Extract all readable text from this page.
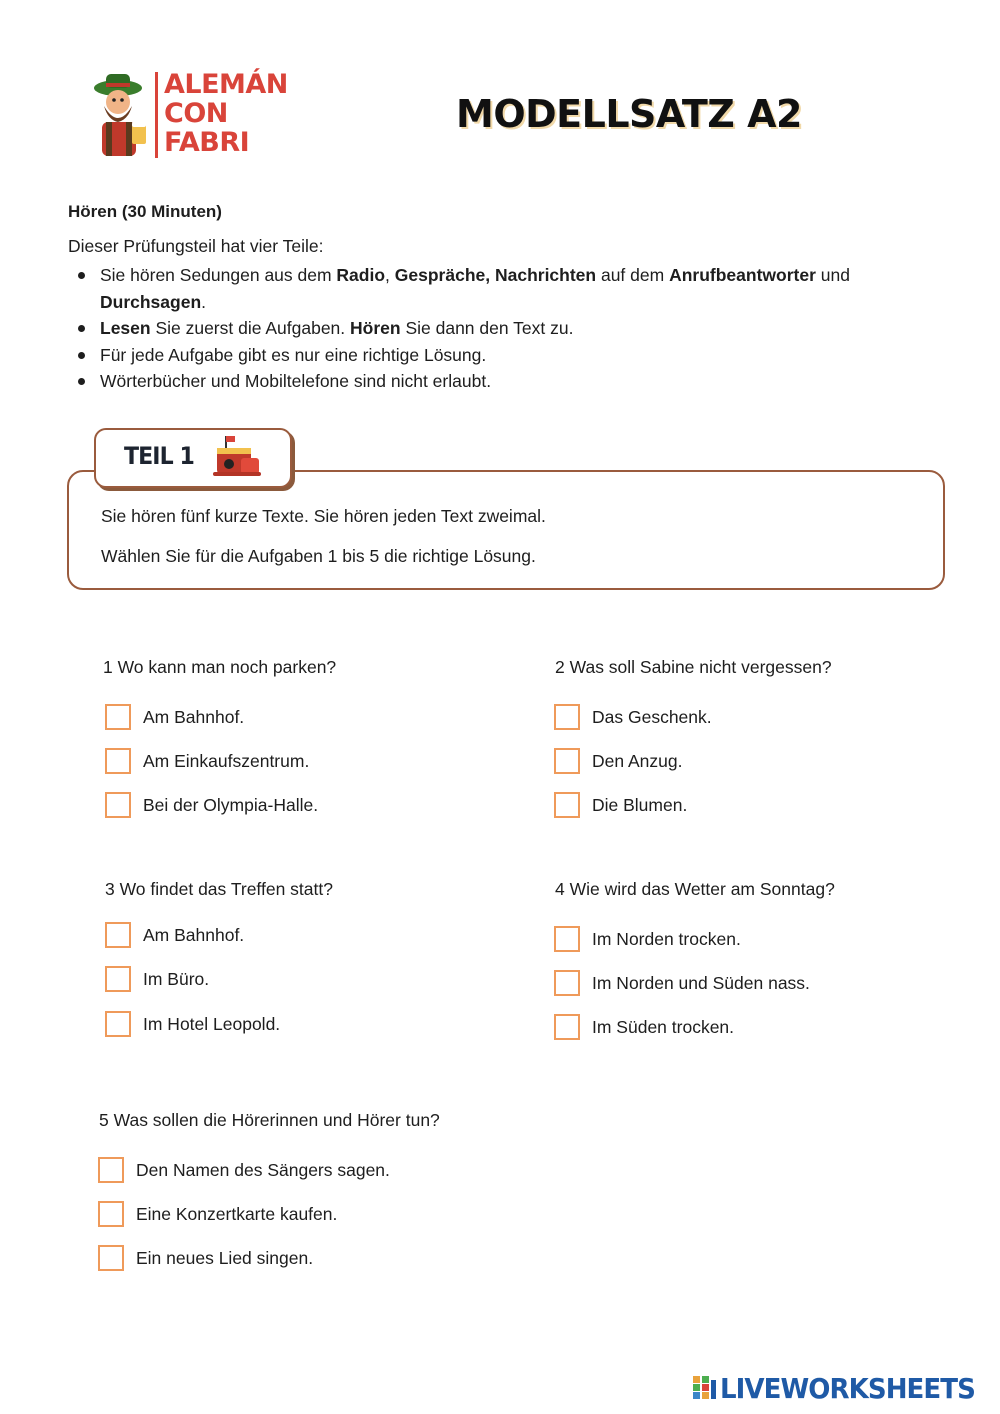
ALEMÁN
CON
FABRI
MODELLSATZ A2
Hören (30 Minuten)
Dieser Prüfungsteil hat vier Teile:
Sie hören Sedungen aus dem Radio, Gespräche, Nachrichten auf dem Anrufbeantworter und Durchsagen.
Lesen Sie zuerst die Aufgaben. Hören Sie dann den Text zu.
Für jede Aufgabe gibt es nur eine richtige Lösung.
Wörterbücher und Mobiltelefone sind nicht erlaubt.
TEIL 1
Sie hören fünf kurze Texte. Sie hören jeden Text zweimal.
Wählen Sie für die Aufgaben 1 bis 5 die richtige Lösung.
1 Wo kann man noch parken?
Am Bahnhof.
Am Einkaufszentrum.
Bei der Olympia-Halle.
2 Was soll Sabine nicht vergessen?
Das Geschenk.
Den Anzug.
Die Blumen.
3 Wo findet das Treffen statt?
Am Bahnhof.
Im Büro.
Im Hotel Leopold.
4 Wie wird das Wetter am Sonntag?
Im Norden trocken.
Im Norden und Süden nass.
Im Süden trocken.
5 Was sollen die Hörerinnen und Hörer tun?
Den Namen des Sängers sagen.
Eine Konzertkarte kaufen.
Ein neues Lied singen.
LIVEWORKSHEETS
